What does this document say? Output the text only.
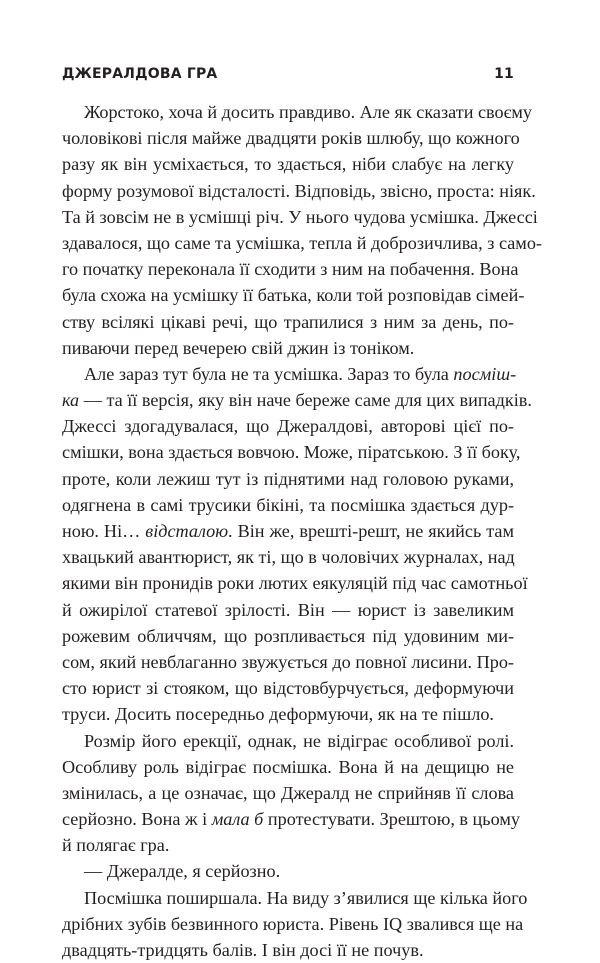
ДЖЕРАЛДОВА ГРА	11
Жорстоко, хоча й досить правдиво. Але як сказати своєму
чоловікові після майже двадцяти років шлюбу, що кожного
разу як він усміхається, то здається, ніби слабує на легку
форму розумової відсталості. Відповідь, звісно, проста: ніяк.
Та й зовсім не в усмішці річ. У нього чудова усмішка. Джессі
здавалося, що саме та усмішка, тепла й доброзичлива, з само-
го початку переконала її сходити з ним на побачення. Вона
була схожа на усмішку її батька, коли той розповідав сімей-
ству всілякі цікаві речі, що трапилися з ним за день, по-
пиваючи перед вечерею свій джин із тоніком.
Але зараз тут була не та усмішка. Зараз то була посміш-
ка — та її версія, яку він наче береже саме для цих випадків.
Джессі здогадувалася, що Джералдові, авторові цієї по-
смішки, вона здається вовчою. Може, піратською. З її боку,
проте, коли лежиш тут із піднятими над головою руками,
одягнена в самі трусики бікіні, та посмішка здається дур-
ною. Ні… відсталою. Він же, врешті-решт, не якийсь там
хвацький авантюрист, як ті, що в чоловічих журналах, над
якими він пронидів роки лютих еякуляцій під час самотньої
й ожирілої статевої зрілості. Він — юрист із завеликим
рожевим обличчям, що розпливається під удовиним ми-
сом, який невблаганно звужується до повної лисини. Про-
сто юрист зі стояком, що відстовбурчується, деформуючи
труси. Досить посередньо деформуючи, як на те пішло.
Розмір його ерекції, однак, не відіграє особливої ролі.
Особливу роль відіграє посмішка. Вона й на дещицю не
змінилась, а це означає, що Джералд не сприйняв її слова
серйозно. Вона ж і мала б протестувати. Зрештою, в цьому
й полягає гра.
— Джералде, я серйозно.
Посмішка поширшала. На виду з’явилися ще кілька його
дрібних зубів безвинного юриста. Рівень IQ звалився ще на
двадцять-тридцять балів. І він досі її не почув.
